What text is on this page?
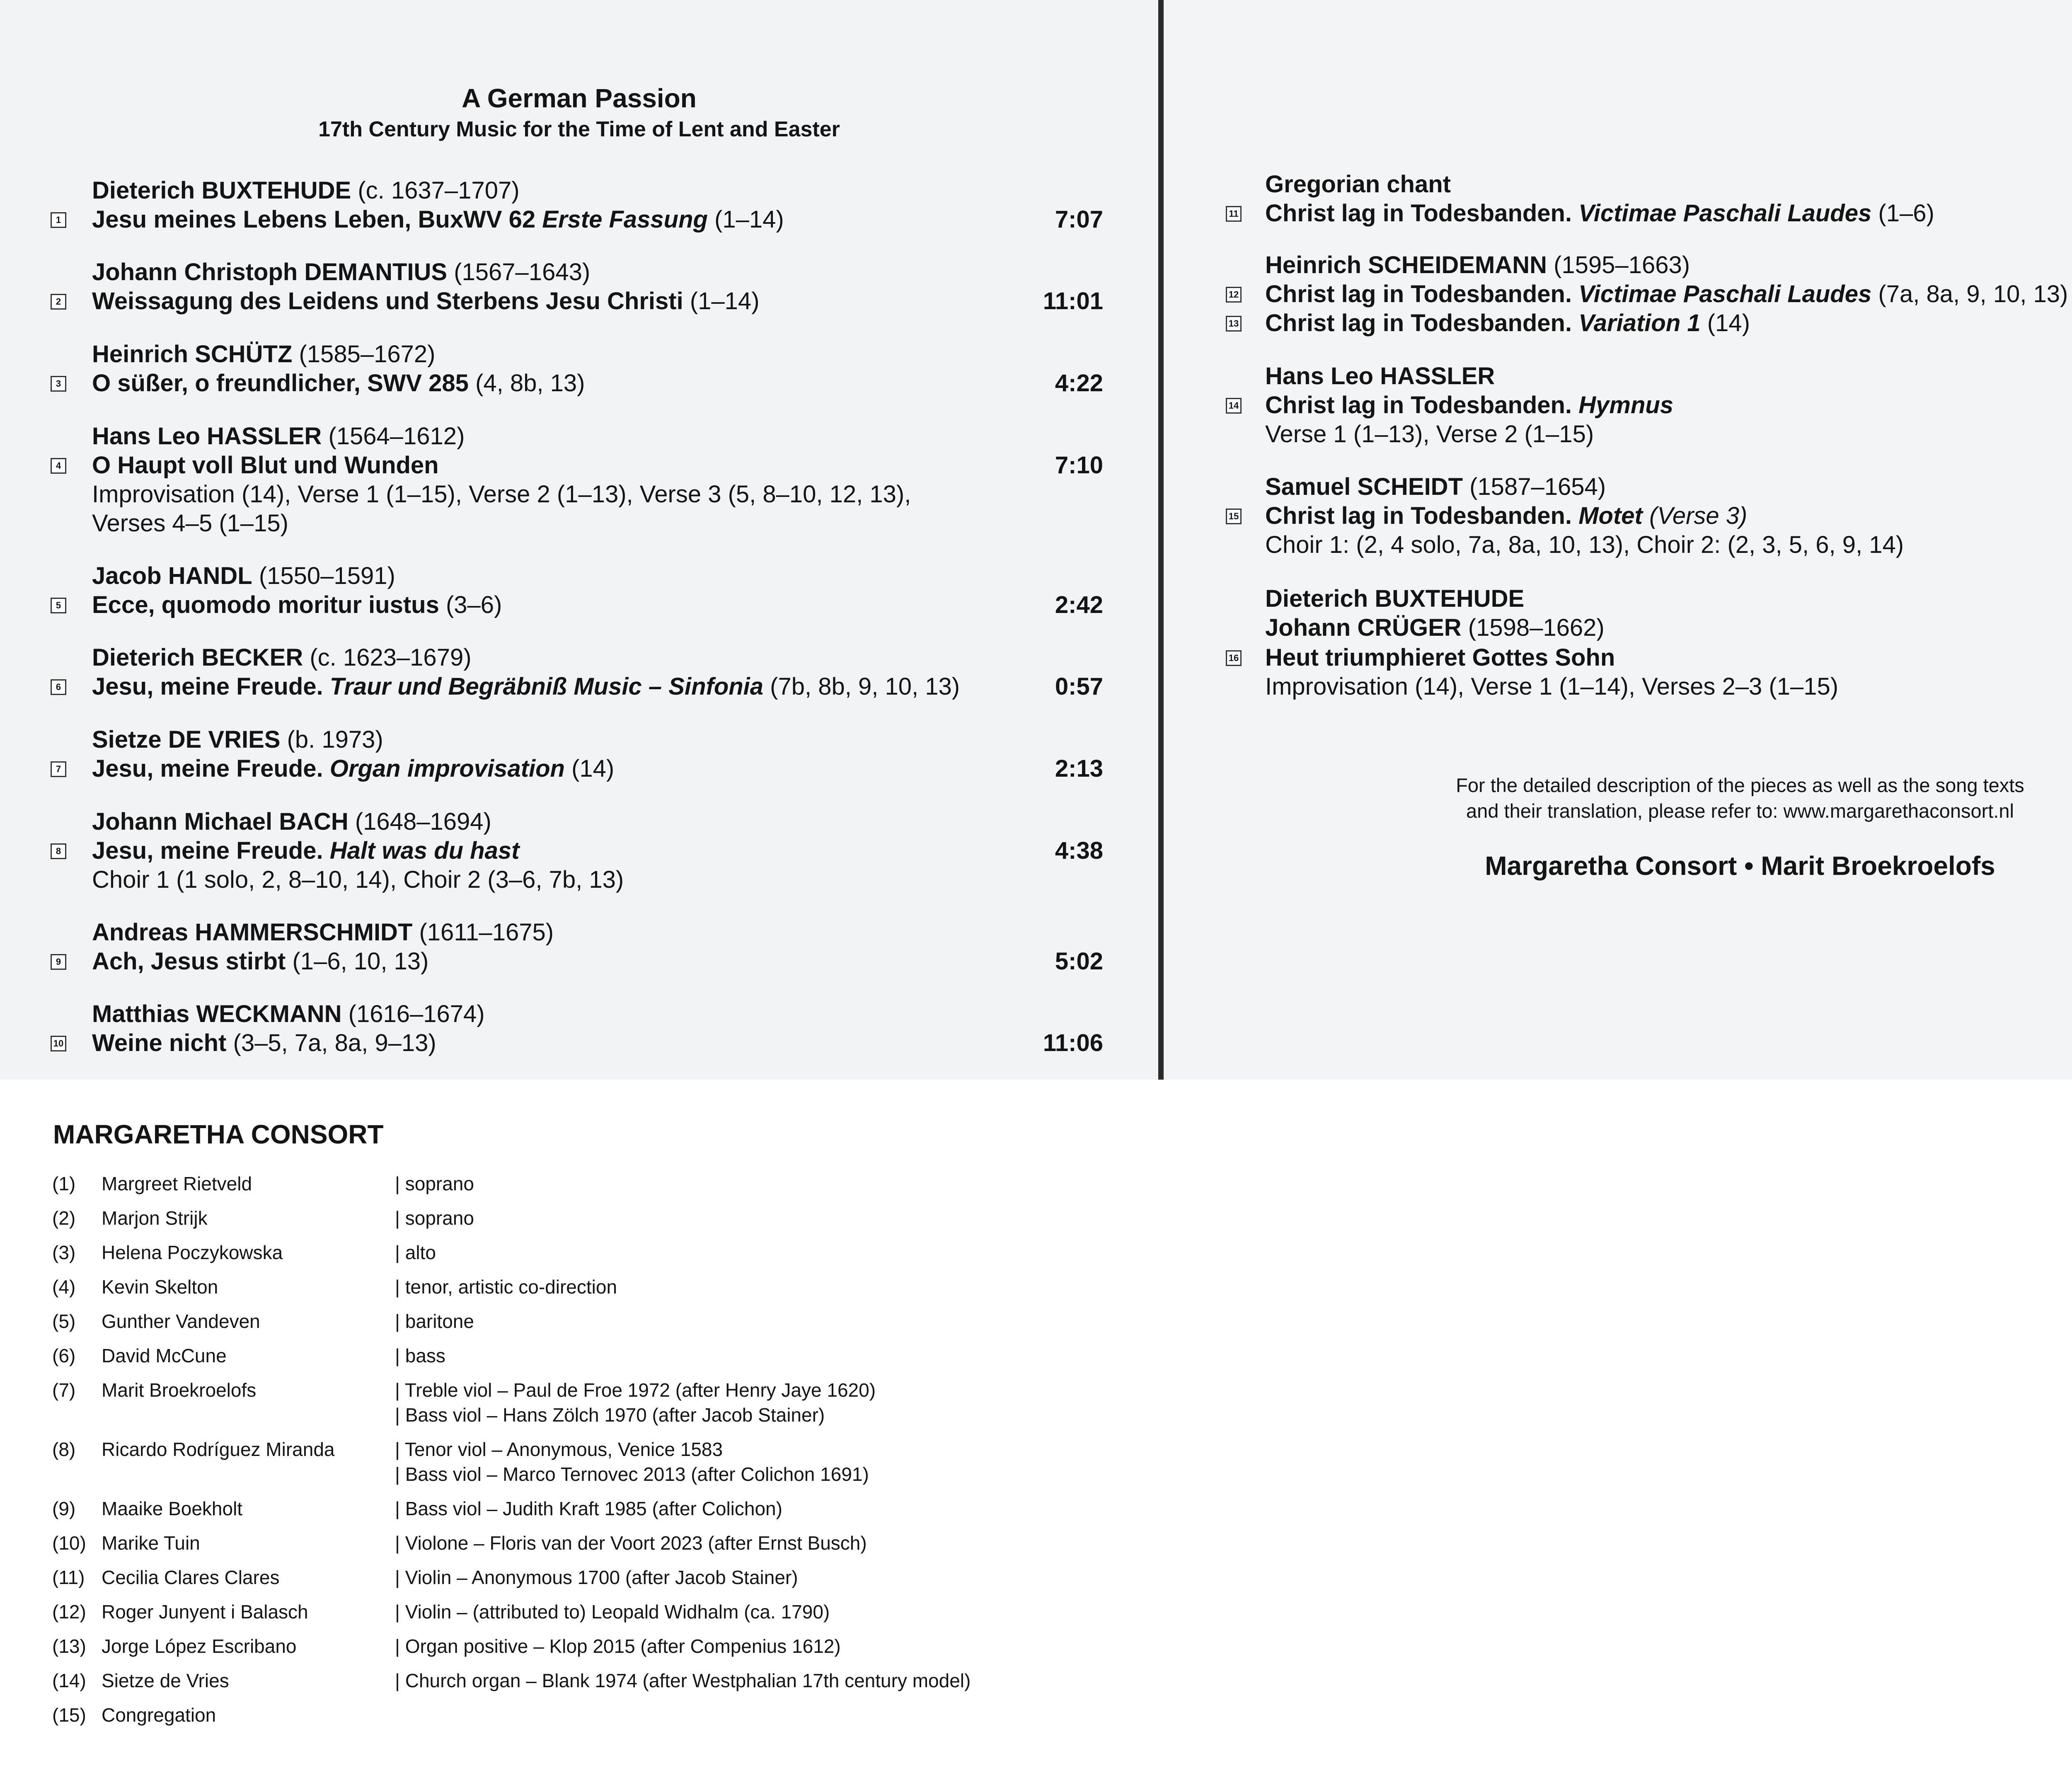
A German Passion
17th Century Music for the Time of Lent and Easter
Dieterich BUXTEHUDE (c. 1637–1707)
1 Jesu meines Lebens Leben, BuxWV 62 Erste Fassung (1–14)	7:07
Johann Christoph DEMANTIUS (1567–1643)
2 Weissagung des Leidens und Sterbens Jesu Christi (1–14)	11:01
Heinrich SCHÜTZ (1585–1672)
3 O süßer, o freundlicher, SWV 285 (4, 8b, 13)	4:22
Hans Leo HASSLER (1564–1612)
4 O Haupt voll Blut und Wunden	7:10
Improvisation (14), Verse 1 (1–15), Verse 2 (1–13), Verse 3 (5, 8–10, 12, 13),
Verses 4–5 (1–15)
Jacob HANDL (1550–1591)
5 Ecce, quomodo moritur iustus (3–6)	2:42
Dieterich BECKER (c. 1623–1679)
6 Jesu, meine Freude. Traur und Begräbniß Music – Sinfonia (7b, 8b, 9, 10, 13)	0:57
Sietze DE VRIES (b. 1973)
7 Jesu, meine Freude. Organ improvisation (14)	2:13
Johann Michael BACH (1648–1694)
8 Jesu, meine Freude. Halt was du hast	4:38
Choir 1 (1 solo, 2, 8–10, 14), Choir 2 (3–6, 7b, 13)
Andreas HAMMERSCHMIDT (1611–1675)
9 Ach, Jesus stirbt (1–6, 10, 13)	5:02
Matthias WECKMANN (1616–1674)
10 Weine nicht (3–5, 7a, 8a, 9–13)	11:06
Gregorian chant
11 Christ lag in Todesbanden. Victimae Paschali Laudes (1–6)
Heinrich SCHEIDEMANN (1595–1663)
12 Christ lag in Todesbanden. Victimae Paschali Laudes (7a, 8a, 9, 10, 13)
13 Christ lag in Todesbanden. Variation 1 (14)
Hans Leo HASSLER
14 Christ lag in Todesbanden. Hymnus
Verse 1 (1–13), Verse 2 (1–15)
Samuel SCHEIDT (1587–1654)
15 Christ lag in Todesbanden. Motet (Verse 3)
Choir 1: (2, 4 solo, 7a, 8a, 10, 13), Choir 2: (2, 3, 5, 6, 9, 14)
Dieterich BUXTEHUDE
Johann CRÜGER (1598–1662)
16 Heut triumphieret Gottes Sohn
Improvisation (14), Verse 1 (1–14), Verses 2–3 (1–15)
For the detailed description of the pieces as well as the song texts
and their translation, please refer to: www.margarethaconsort.nl
Margaretha Consort • Marit Broekroelofs
MARGARETHA CONSORT
(1) Margreet Rietveld	| soprano
(2) Marjon Strijk	| soprano
(3) Helena Poczykowska	| alto
(4) Kevin Skelton	| tenor, artistic co-direction
(5) Gunther Vandeven	| baritone
(6) David McCune	| bass
(7) Marit Broekroelofs	| Treble viol – Paul de Froe 1972 (after Henry Jaye 1620)
| Bass viol – Hans Zölch 1970 (after Jacob Stainer)
(8) Ricardo Rodríguez Miranda	| Tenor viol – Anonymous, Venice 1583
| Bass viol – Marco Ternovec 2013 (after Colichon 1691)
(9) Maaike Boekholt	| Bass viol – Judith Kraft 1985 (after Colichon)
(10) Marike Tuin	| Violone – Floris van der Voort 2023 (after Ernst Busch)
(11) Cecilia Clares Clares	| Violin – Anonymous 1700 (after Jacob Stainer)
(12) Roger Junyent i Balasch	| Violin – (attributed to) Leopald Widhalm (ca. 1790)
(13) Jorge López Escribano	| Organ positive – Klop 2015 (after Compenius 1612)
(14) Sietze de Vries	| Church organ – Blank 1974 (after Westphalian 17th century model)
(15) Congregation
